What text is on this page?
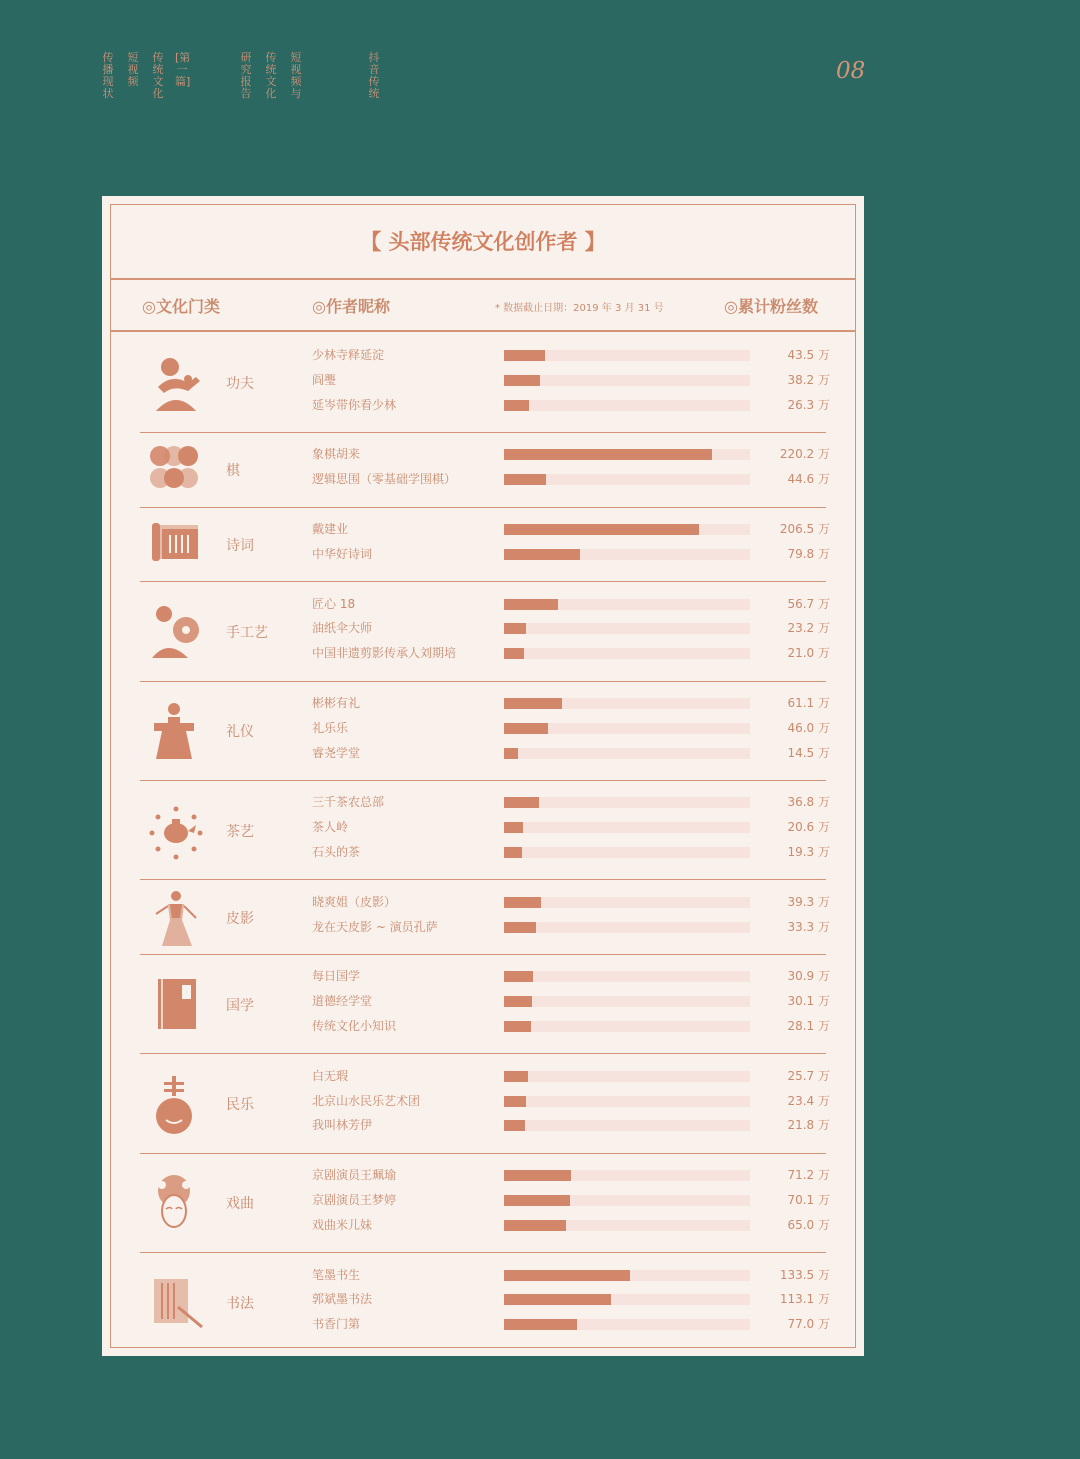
传播现状
短视频
传统文化
[第一篇]
研究报告
传统文化
短视频与
抖音传统
08
【 头部传统文化创作者 】
◎文化门类	◎作者昵称	* 数据截止日期：2019 年 3 月 31 号	◎累计粉丝数
功夫
少林寺释延淀	43.5 万
阎璺	38.2 万
延岑带你看少林	26.3 万
棋
象棋胡来	220.2 万
逻辑思围（零基础学围棋）	44.6 万
诗词
戴建业	206.5 万
中华好诗词	79.8 万
手工艺
匠心 18	56.7 万
油纸伞大师	23.2 万
中国非遗剪影传承人刘期培	21.0 万
礼仪
彬彬有礼	61.1 万
礼乐乐	46.0 万
睿尧学堂	14.5 万
茶艺
三千茶农总部	36.8 万
茶人岭	20.6 万
石头的茶	19.3 万
皮影
晓爽姐（皮影）	39.3 万
龙在天皮影 ~ 演员孔萨	33.3 万
国学
每日国学	30.9 万
道德经学堂	30.1 万
传统文化小知识	28.1 万
民乐
白无瑕	25.7 万
北京山水民乐艺术团	23.4 万
我叫林芳伊	21.8 万
戏曲
京剧演员王珮瑜	71.2 万
京剧演员王梦婷	70.1 万
戏曲米儿妹	65.0 万
书法
笔墨书生	133.5 万
郭斌墨书法	113.1 万
书香门第	77.0 万
